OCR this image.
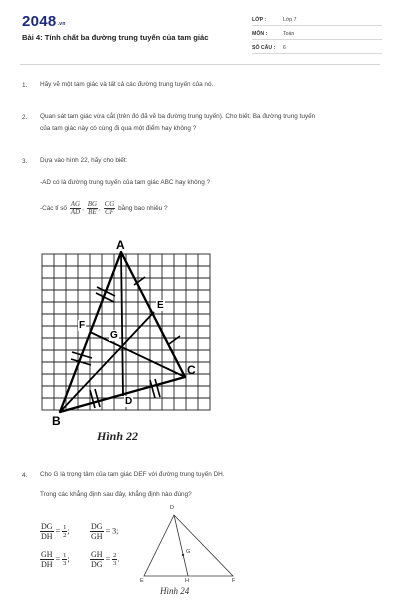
2048.vn
Bài 4: Tính chất ba đường trung tuyến của tam giác
LỚP :	Lớp 7
MÔN :	Toán
SỐ CÂU : 6
1. Hãy vẽ một tam giác và tất cả các đường trung tuyến của nó.
2. Quan sát tam giác vừa cắt (trên đó đã vẽ ba đường trung tuyến). Cho biết: Ba đường trung tuyến
của tam giác này có cùng đi qua một điểm hay không ?
3. Dựa vào hình 22, hãy cho biết:
-AD có là đường trung tuyến của tam giác ABC hay không ?
-Các tỉ số $\frac{AG}{AD}$ , $\frac{BG}{BE}$ , $\frac{CG}{CF}$ bằng bao nhiêu ?
A
B
C
D
E
F
G
Hình 22
4. Cho G là trọng tâm của tam giác DEF với đường trung tuyến DH.
Trong các khẳng định sau đây, khẳng định nào đúng?
$\frac{DG}{DH} = \frac{1}{2}$ ;	$\frac{DG}{GH} = 3$;
$\frac{GH}{DH} = \frac{1}{3}$ ;	$\frac{GH}{DG} = \frac{2}{3}$ .
D
G
E	H	F
Hình 24
